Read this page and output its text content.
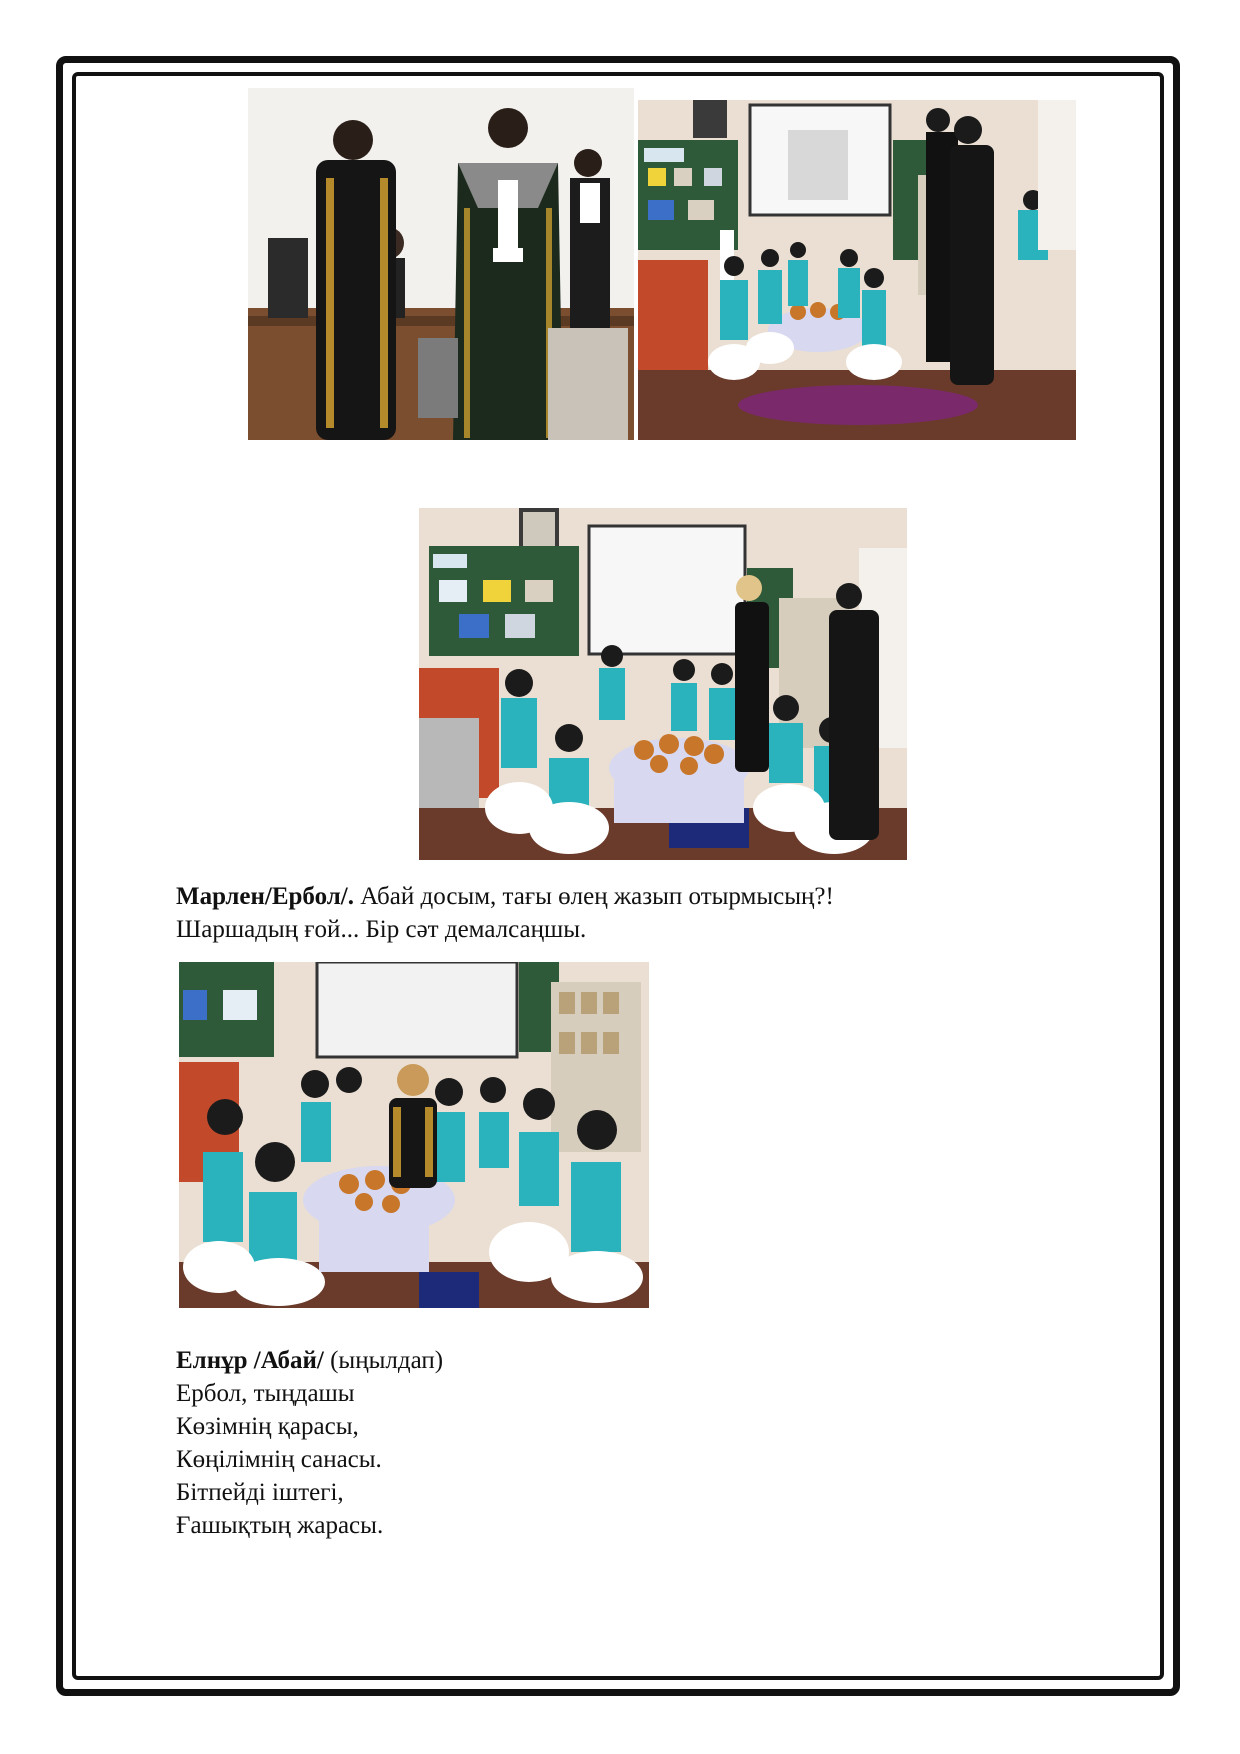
Марлен/Ербол/. Абай досым, тағы өлең жазып отырмысың?!
Шаршадың ғой... Бір сәт демалсаңшы.
Елнұр /Абай/ (ыңылдап)
Ербол, тыңдашы
Көзімнің қарасы,
Көңілімнің санасы.
Бітпейді іштегі,
Ғашықтың жарасы.
